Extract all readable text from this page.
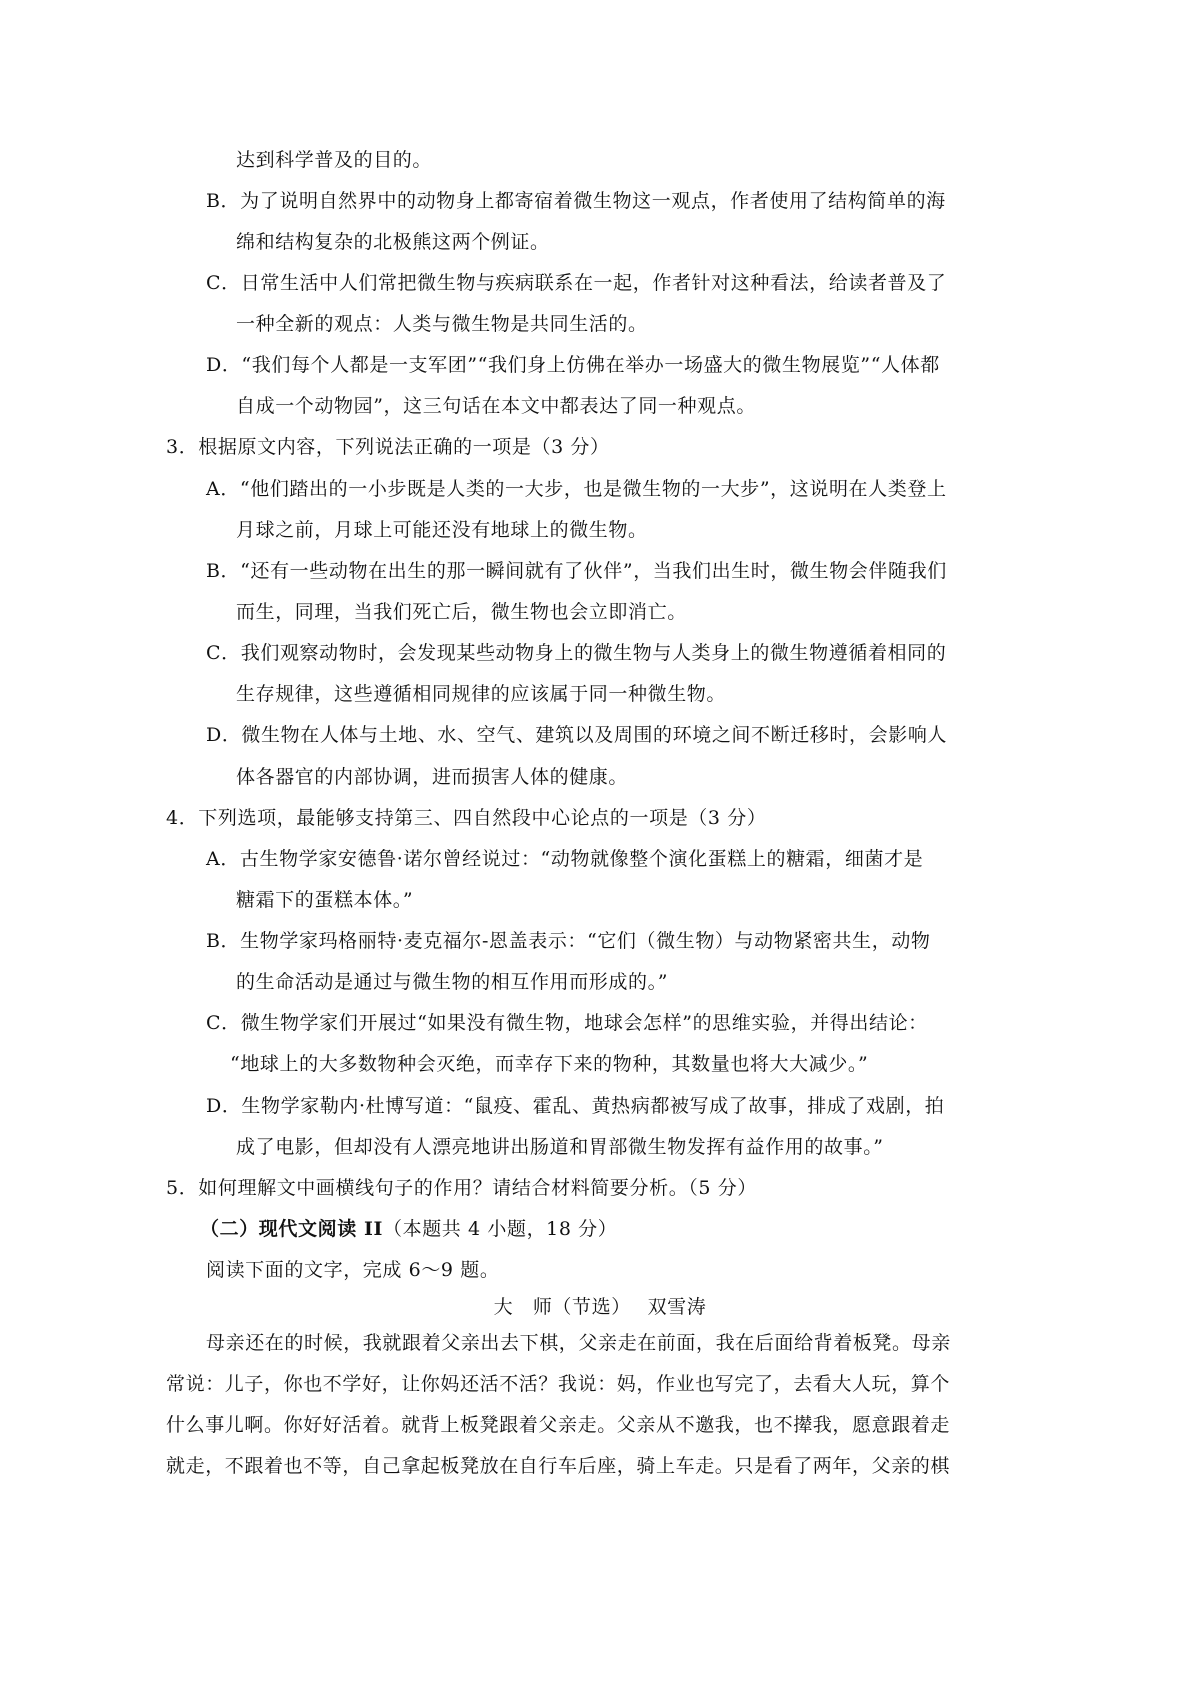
达到科学普及的目的。
B．为了说明自然界中的动物身上都寄宿着微生物这一观点，作者使用了结构简单的海
绵和结构复杂的北极熊这两个例证。
C．日常生活中人们常把微生物与疾病联系在一起，作者针对这种看法，给读者普及了
一种全新的观点：人类与微生物是共同生活的。
D．“我们每个人都是一支军团”“我们身上仿佛在举办一场盛大的微生物展览”“人体都
自成一个动物园”，这三句话在本文中都表达了同一种观点。
3．根据原文内容，下列说法正确的一项是（3 分）
A．“他们踏出的一小步既是人类的一大步，也是微生物的一大步”，这说明在人类登上
月球之前，月球上可能还没有地球上的微生物。
B．“还有一些动物在出生的那一瞬间就有了伙伴”，当我们出生时，微生物会伴随我们
而生，同理，当我们死亡后，微生物也会立即消亡。
C．我们观察动物时，会发现某些动物身上的微生物与人类身上的微生物遵循着相同的
生存规律，这些遵循相同规律的应该属于同一种微生物。
D．微生物在人体与土地、水、空气、建筑以及周围的环境之间不断迁移时，会影响人
体各器官的内部协调，进而损害人体的健康。
4．下列选项，最能够支持第三、四自然段中心论点的一项是（3 分）
A．古生物学家安德鲁·诺尔曾经说过：“动物就像整个演化蛋糕上的糖霜，细菌才是
糖霜下的蛋糕本体。”
B．生物学家玛格丽特·麦克福尔-恩盖表示：“它们（微生物）与动物紧密共生，动物
的生命活动是通过与微生物的相互作用而形成的。”
C．微生物学家们开展过“如果没有微生物，地球会怎样”的思维实验，并得出结论：
“地球上的大多数物种会灭绝，而幸存下来的物种，其数量也将大大减少。”
D．生物学家勒内·杜博写道：“鼠疫、霍乱、黄热病都被写成了故事，排成了戏剧，拍
成了电影，但却没有人漂亮地讲出肠道和胃部微生物发挥有益作用的故事。”
5．如何理解文中画横线句子的作用？请结合材料简要分析。（5 分）
（二）现代文阅读 II（本题共 4 小题，18 分）
阅读下面的文字，完成 6～9 题。
大　师（节选）　 双雪涛
母亲还在的时候，我就跟着父亲出去下棋，父亲走在前面，我在后面给背着板凳。母亲
常说：儿子，你也不学好，让你妈还活不活？我说：妈，作业也写完了，去看大人玩，算个
什么事儿啊。你好好活着。就背上板凳跟着父亲走。父亲从不邀我，也不撵我，愿意跟着走
就走，不跟着也不等，自己拿起板凳放在自行车后座，骑上车走。只是看了两年，父亲的棋
